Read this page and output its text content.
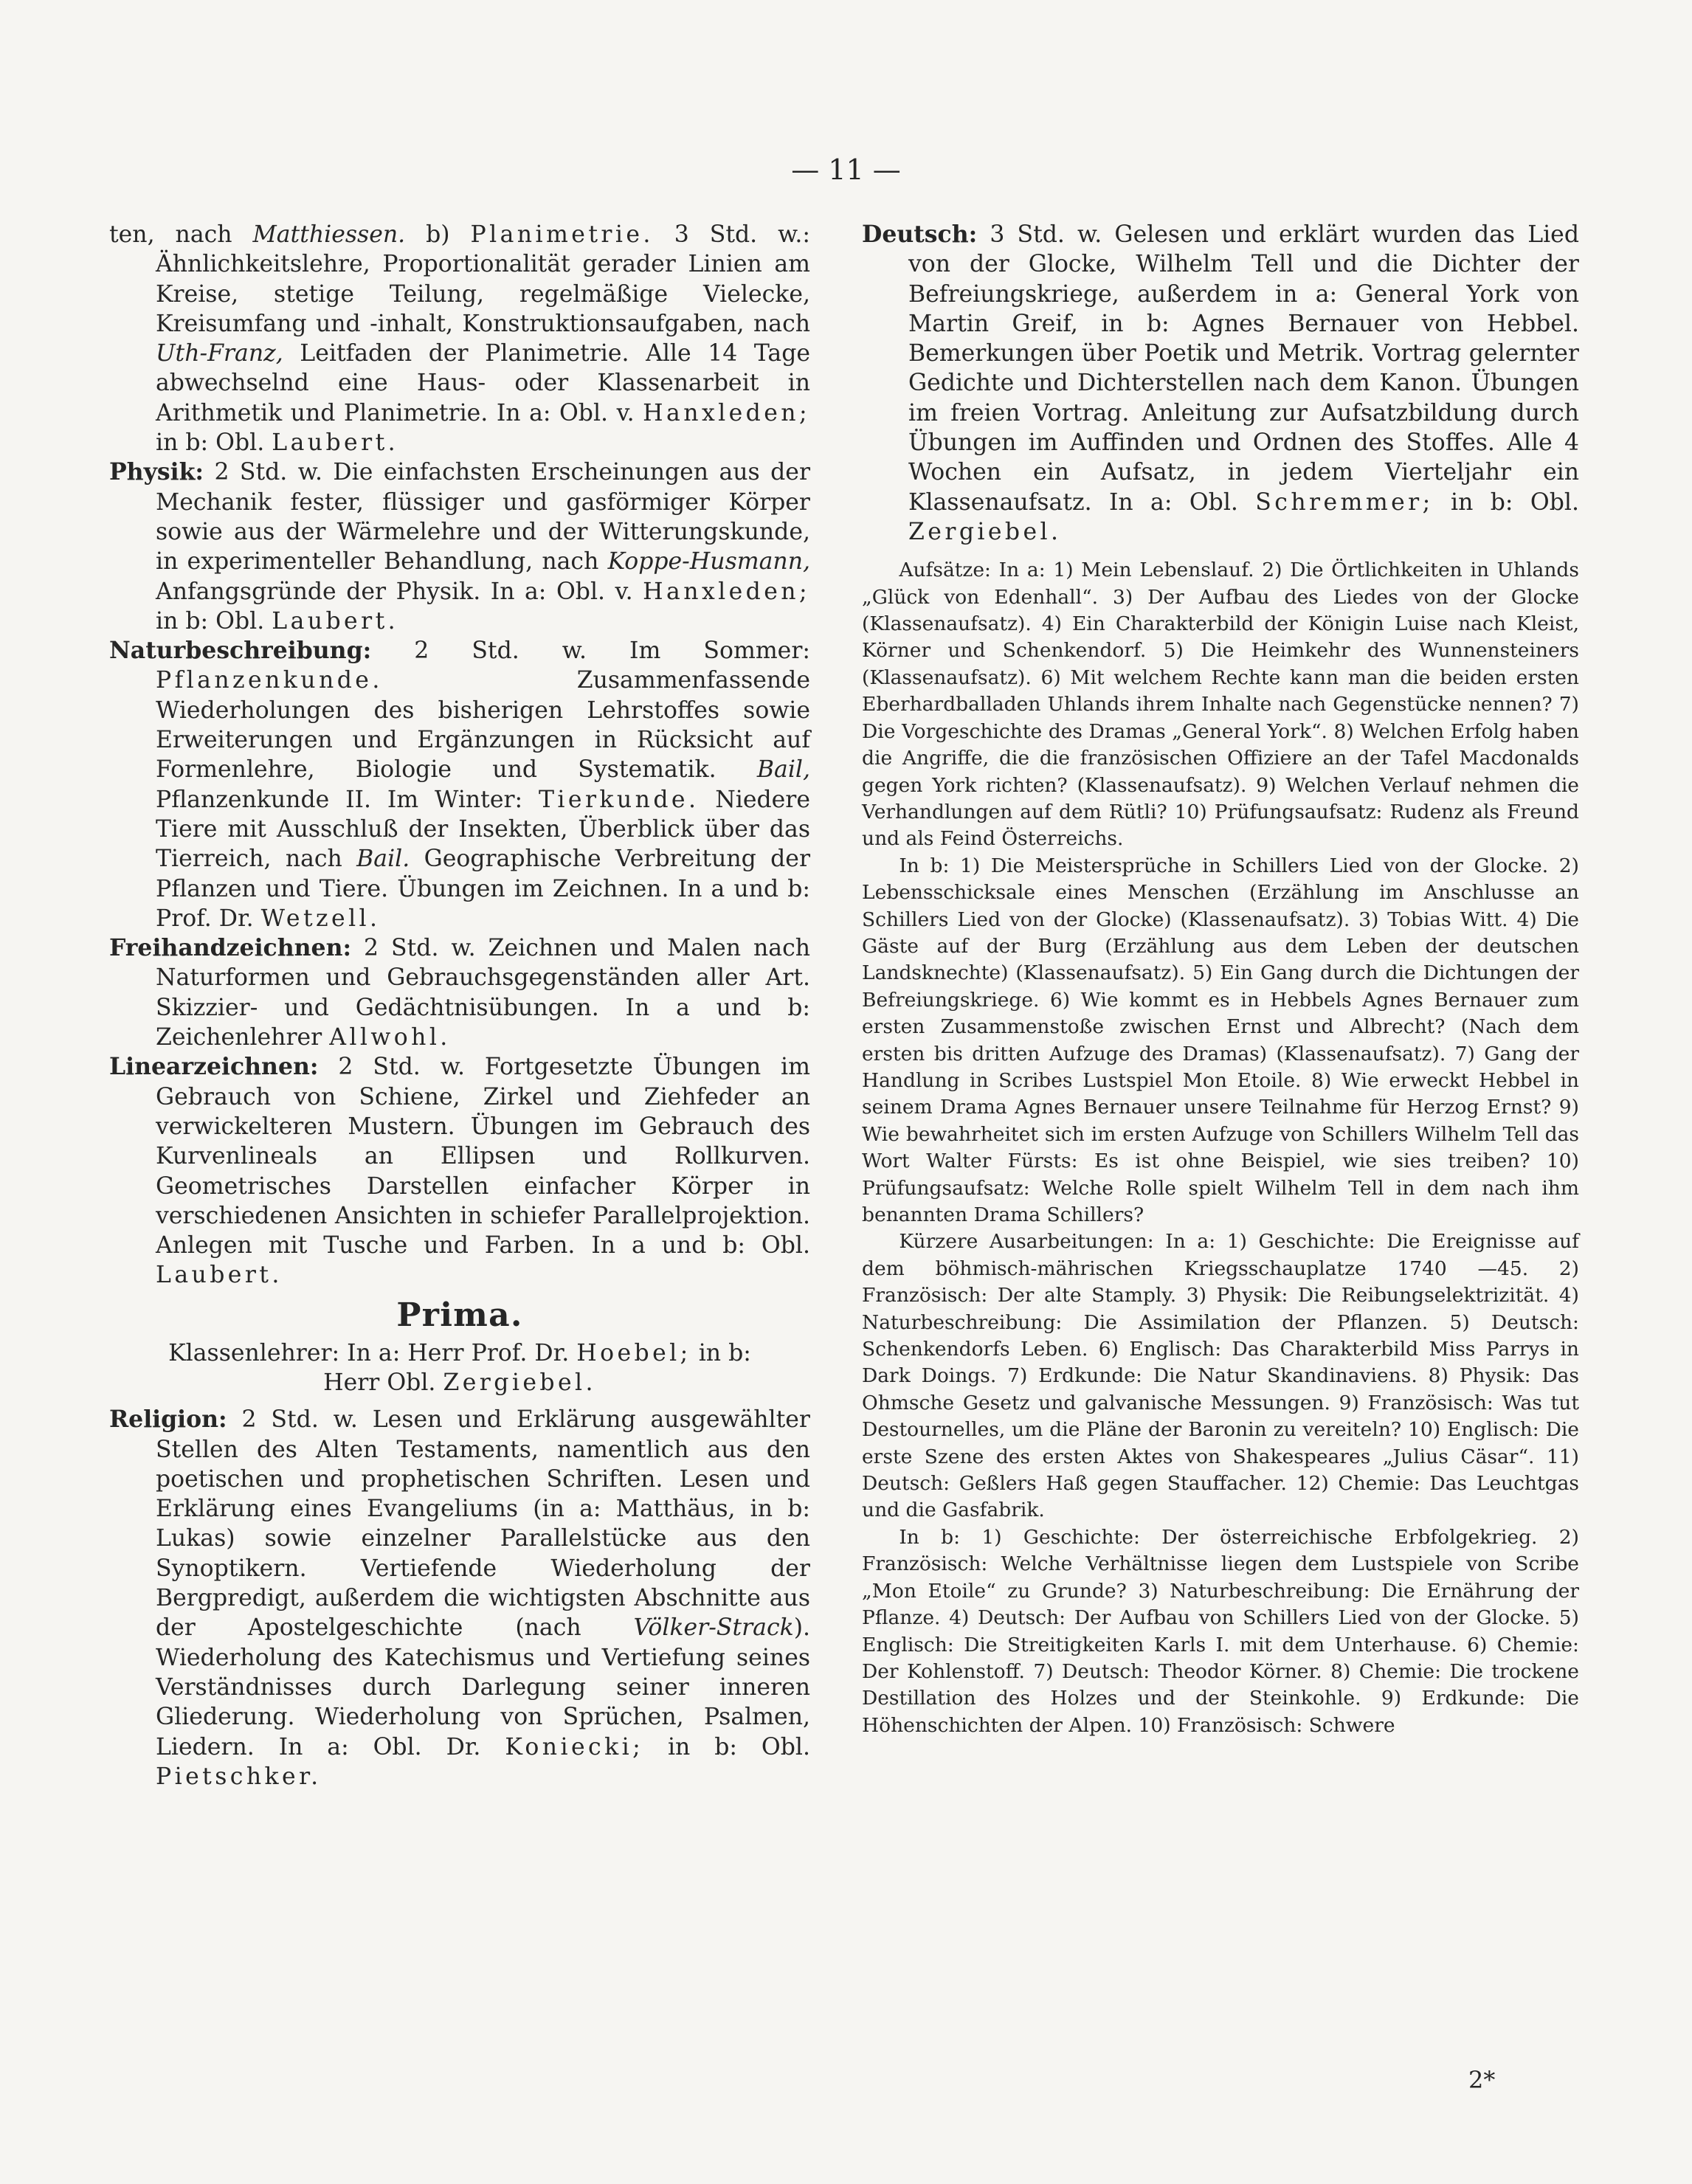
— 11 —

ten, nach Matthiessen. b) Planimetrie. 3 Std. w.: Ähnlichkeitslehre, Proportionalität gerader Linien am Kreise, stetige Teilung, regelmäßige Vielecke, Kreisumfang und -inhalt, Konstruktionsaufgaben, nach Uth-Franz, Leitfaden der Planimetrie. Alle 14 Tage abwechselnd eine Haus- oder Klassenarbeit in Arithmetik und Planimetrie. In a: Obl. v. Hanxleden; in b: Obl. Laubert.

Physik: 2 Std. w. Die einfachsten Erscheinungen aus der Mechanik fester, flüssiger und gasförmiger Körper sowie aus der Wärmelehre und der Witterungskunde, in experimenteller Behandlung, nach Koppe-Husmann, Anfangsgründe der Physik. In a: Obl. v. Hanxleden; in b: Obl. Laubert.

Naturbeschreibung: 2 Std. w. Im Sommer: Pflanzenkunde. Zusammenfassende Wiederholungen des bisherigen Lehrstoffes sowie Erweiterungen und Ergänzungen in Rücksicht auf Formenlehre, Biologie und Systematik. Bail, Pflanzenkunde II. Im Winter: Tierkunde. Niedere Tiere mit Ausschluß der Insekten, Überblick über das Tierreich, nach Bail. Geographische Verbreitung der Pflanzen und Tiere. Übungen im Zeichnen. In a und b: Prof. Dr. Wetzell.

Freihandzeichnen: 2 Std. w. Zeichnen und Malen nach Naturformen und Gebrauchsgegenständen aller Art. Skizzier- und Gedächtnisübungen. In a und b: Zeichenlehrer Allwohl.

Linearzeichnen: 2 Std. w. Fortgesetzte Übungen im Gebrauch von Schiene, Zirkel und Ziehfeder an verwickelteren Mustern. Übungen im Gebrauch des Kurvenlineals an Ellipsen und Rollkurven. Geometrisches Darstellen einfacher Körper in verschiedenen Ansichten in schiefer Parallelprojektion. Anlegen mit Tusche und Farben. In a und b: Obl. Laubert.

Prima.

Klassenlehrer: In a: Herr Prof. Dr. Hoebel; in b:

Herr Obl. Zergiebel.

Religion: 2 Std. w. Lesen und Erklärung ausgewählter Stellen des Alten Testaments, namentlich aus den poetischen und prophetischen Schriften. Lesen und Erklärung eines Evangeliums (in a: Matthäus, in b: Lukas) sowie einzelner Parallelstücke aus den Synoptikern. Vertiefende Wiederholung der Bergpredigt, außerdem die wichtigsten Abschnitte aus der Apostelgeschichte (nach Völker-Strack). Wiederholung des Katechismus und Vertiefung seines Verständnisses durch Darlegung seiner inneren Gliederung. Wiederholung von Sprüchen, Psalmen, Liedern. In a: Obl. Dr. Koniecki; in b: Obl. Pietschker.

Deutsch: 3 Std. w. Gelesen und erklärt wurden das Lied von der Glocke, Wilhelm Tell und die Dichter der Befreiungskriege, außerdem in a: General York von Martin Greif, in b: Agnes Bernauer von Hebbel. Bemerkungen über Poetik und Metrik. Vortrag gelernter Gedichte und Dichterstellen nach dem Kanon. Übungen im freien Vortrag. Anleitung zur Aufsatzbildung durch Übungen im Auffinden und Ordnen des Stoffes. Alle 4 Wochen ein Aufsatz, in jedem Vierteljahr ein Klassenaufsatz. In a: Obl. Schremmer; in b: Obl. Zergiebel.

Aufsätze: In a: 1) Mein Lebenslauf. 2) Die Örtlichkeiten in Uhlands „Glück von Edenhall“. 3) Der Aufbau des Liedes von der Glocke (Klassenaufsatz). 4) Ein Charakterbild der Königin Luise nach Kleist, Körner und Schenkendorf. 5) Die Heimkehr des Wunnensteiners (Klassenaufsatz). 6) Mit welchem Rechte kann man die beiden ersten Eberhardballaden Uhlands ihrem Inhalte nach Gegenstücke nennen? 7) Die Vorgeschichte des Dramas „General York“. 8) Welchen Erfolg haben die Angriffe, die die französischen Offiziere an der Tafel Macdonalds gegen York richten? (Klassenaufsatz). 9) Welchen Verlauf nehmen die Verhandlungen auf dem Rütli? 10) Prüfungsaufsatz: Rudenz als Freund und als Feind Österreichs.

In b: 1) Die Meistersprüche in Schillers Lied von der Glocke. 2) Lebensschicksale eines Menschen (Erzählung im Anschlusse an Schillers Lied von der Glocke) (Klassenaufsatz). 3) Tobias Witt. 4) Die Gäste auf der Burg (Erzählung aus dem Leben der deutschen Landsknechte) (Klassenaufsatz). 5) Ein Gang durch die Dichtungen der Befreiungskriege. 6) Wie kommt es in Hebbels Agnes Bernauer zum ersten Zusammenstoße zwischen Ernst und Albrecht? (Nach dem ersten bis dritten Aufzuge des Dramas) (Klassenaufsatz). 7) Gang der Handlung in Scribes Lustspiel Mon Etoile. 8) Wie erweckt Hebbel in seinem Drama Agnes Bernauer unsere Teilnahme für Herzog Ernst? 9) Wie bewahrheitet sich im ersten Aufzuge von Schillers Wilhelm Tell das Wort Walter Fürsts: Es ist ohne Beispiel, wie sies treiben? 10) Prüfungsaufsatz: Welche Rolle spielt Wilhelm Tell in dem nach ihm benannten Drama Schillers?

Kürzere Ausarbeitungen: In a: 1) Geschichte: Die Ereignisse auf dem böhmisch-mährischen Kriegsschauplatze 1740 —45. 2) Französisch: Der alte Stamply. 3) Physik: Die Reibungselektrizität. 4) Naturbeschreibung: Die Assimilation der Pflanzen. 5) Deutsch: Schenkendorfs Leben. 6) Englisch: Das Charakterbild Miss Parrys in Dark Doings. 7) Erdkunde: Die Natur Skandinaviens. 8) Physik: Das Ohmsche Gesetz und galvanische Messungen. 9) Französisch: Was tut Destournelles, um die Pläne der Baronin zu vereiteln? 10) Englisch: Die erste Szene des ersten Aktes von Shakespeares „Julius Cäsar“. 11) Deutsch: Geßlers Haß gegen Stauffacher. 12) Chemie: Das Leuchtgas und die Gasfabrik.

In b: 1) Geschichte: Der österreichische Erbfolgekrieg. 2) Französisch: Welche Verhältnisse liegen dem Lustspiele von Scribe „Mon Etoile“ zu Grunde? 3) Naturbeschreibung: Die Ernährung der Pflanze. 4) Deutsch: Der Aufbau von Schillers Lied von der Glocke. 5) Englisch: Die Streitigkeiten Karls I. mit dem Unterhause. 6) Chemie: Der Kohlenstoff. 7) Deutsch: Theodor Körner. 8) Chemie: Die trockene Destillation des Holzes und der Steinkohle. 9) Erdkunde: Die Höhenschichten der Alpen. 10) Französisch: Schwere

2*
